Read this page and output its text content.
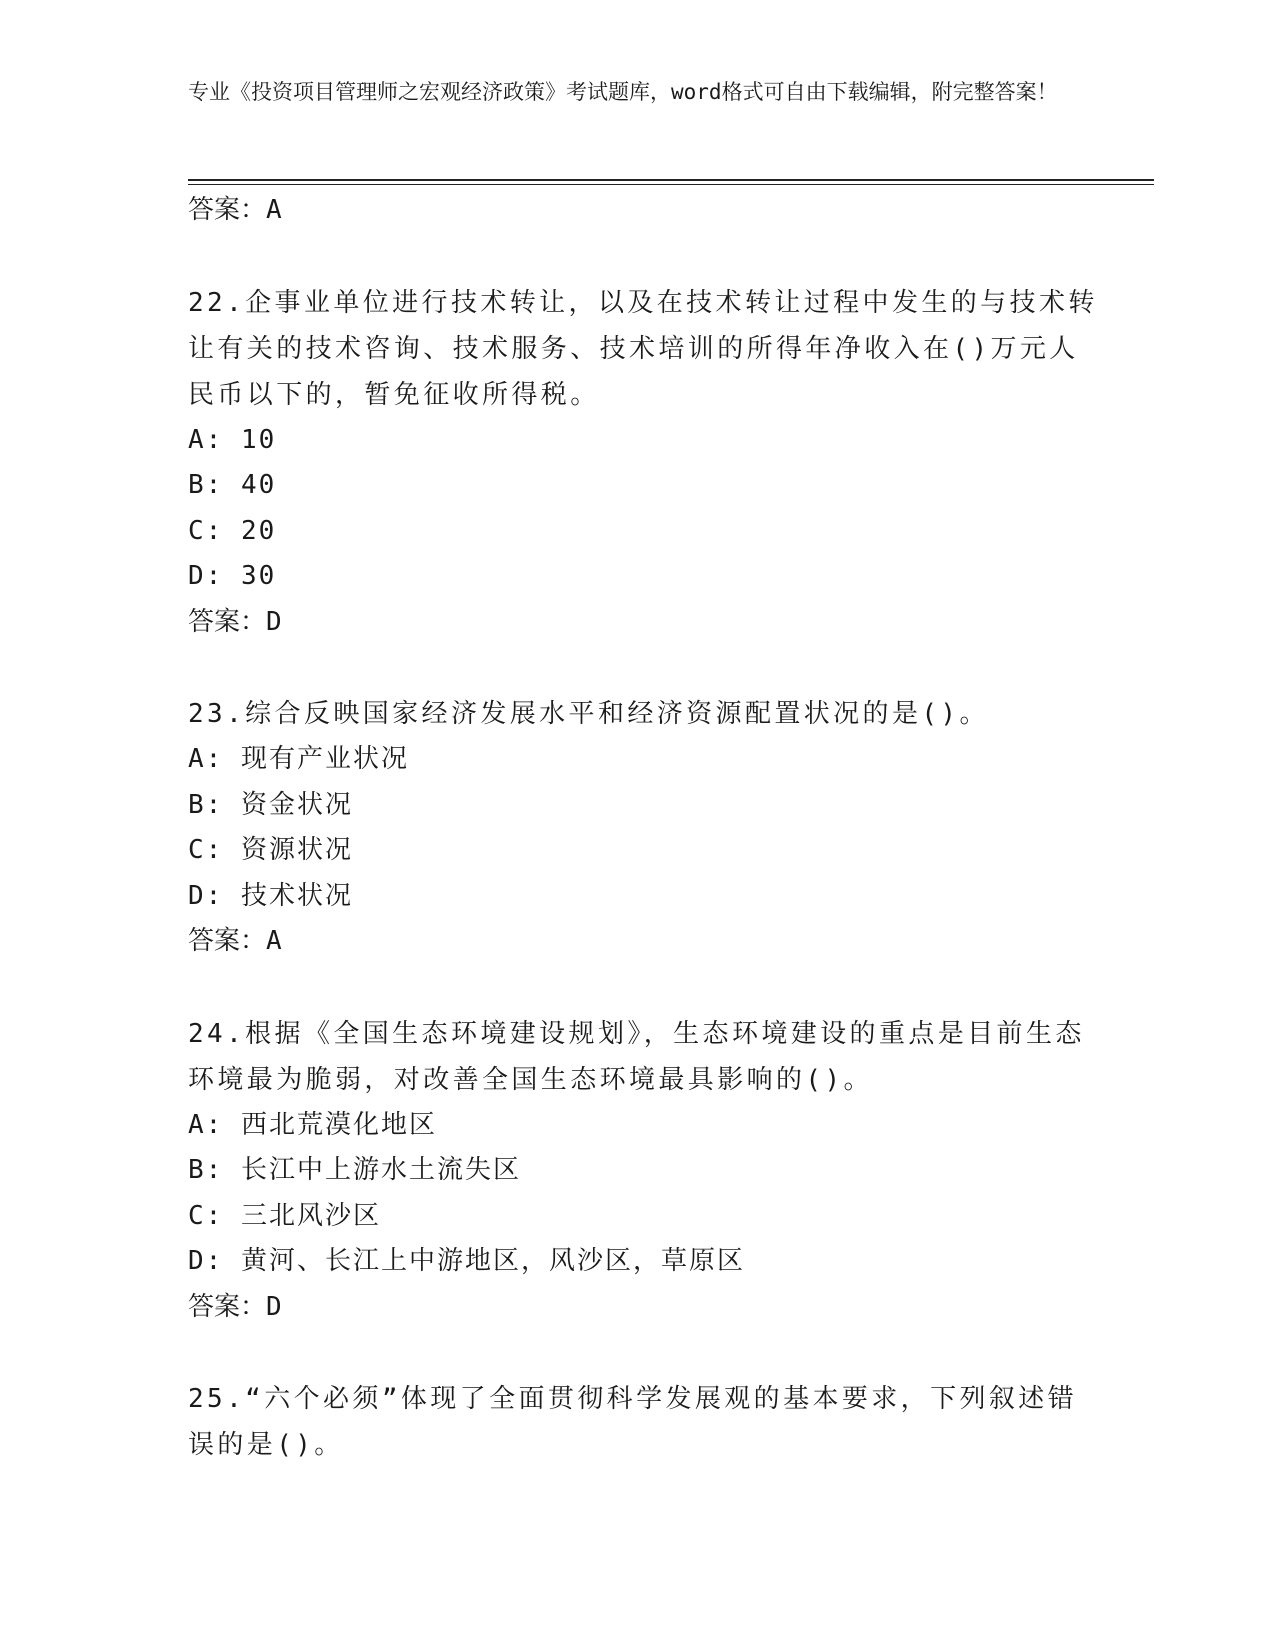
专业《投资项目管理师之宏观经济政策》考试题库，word格式可自由下载编辑，附完整答案！
答案：A
22.企事业单位进行技术转让，以及在技术转让过程中发生的与技术转让有关的技术咨询、技术服务、技术培训的所得年净收入在()万元人民币以下的，暂免征收所得税。
A: 10
B: 40
C: 20
D: 30
答案：D
23.综合反映国家经济发展水平和经济资源配置状况的是()。
A: 现有产业状况
B: 资金状况
C: 资源状况
D: 技术状况
答案：A
24.根据《全国生态环境建设规划》，生态环境建设的重点是目前生态环境最为脆弱，对改善全国生态环境最具影响的()。
A: 西北荒漠化地区
B: 长江中上游水土流失区
C: 三北风沙区
D: 黄河、长江上中游地区，风沙区，草原区
答案：D
25.“六个必须”体现了全面贯彻科学发展观的基本要求，下列叙述错误的是()。
